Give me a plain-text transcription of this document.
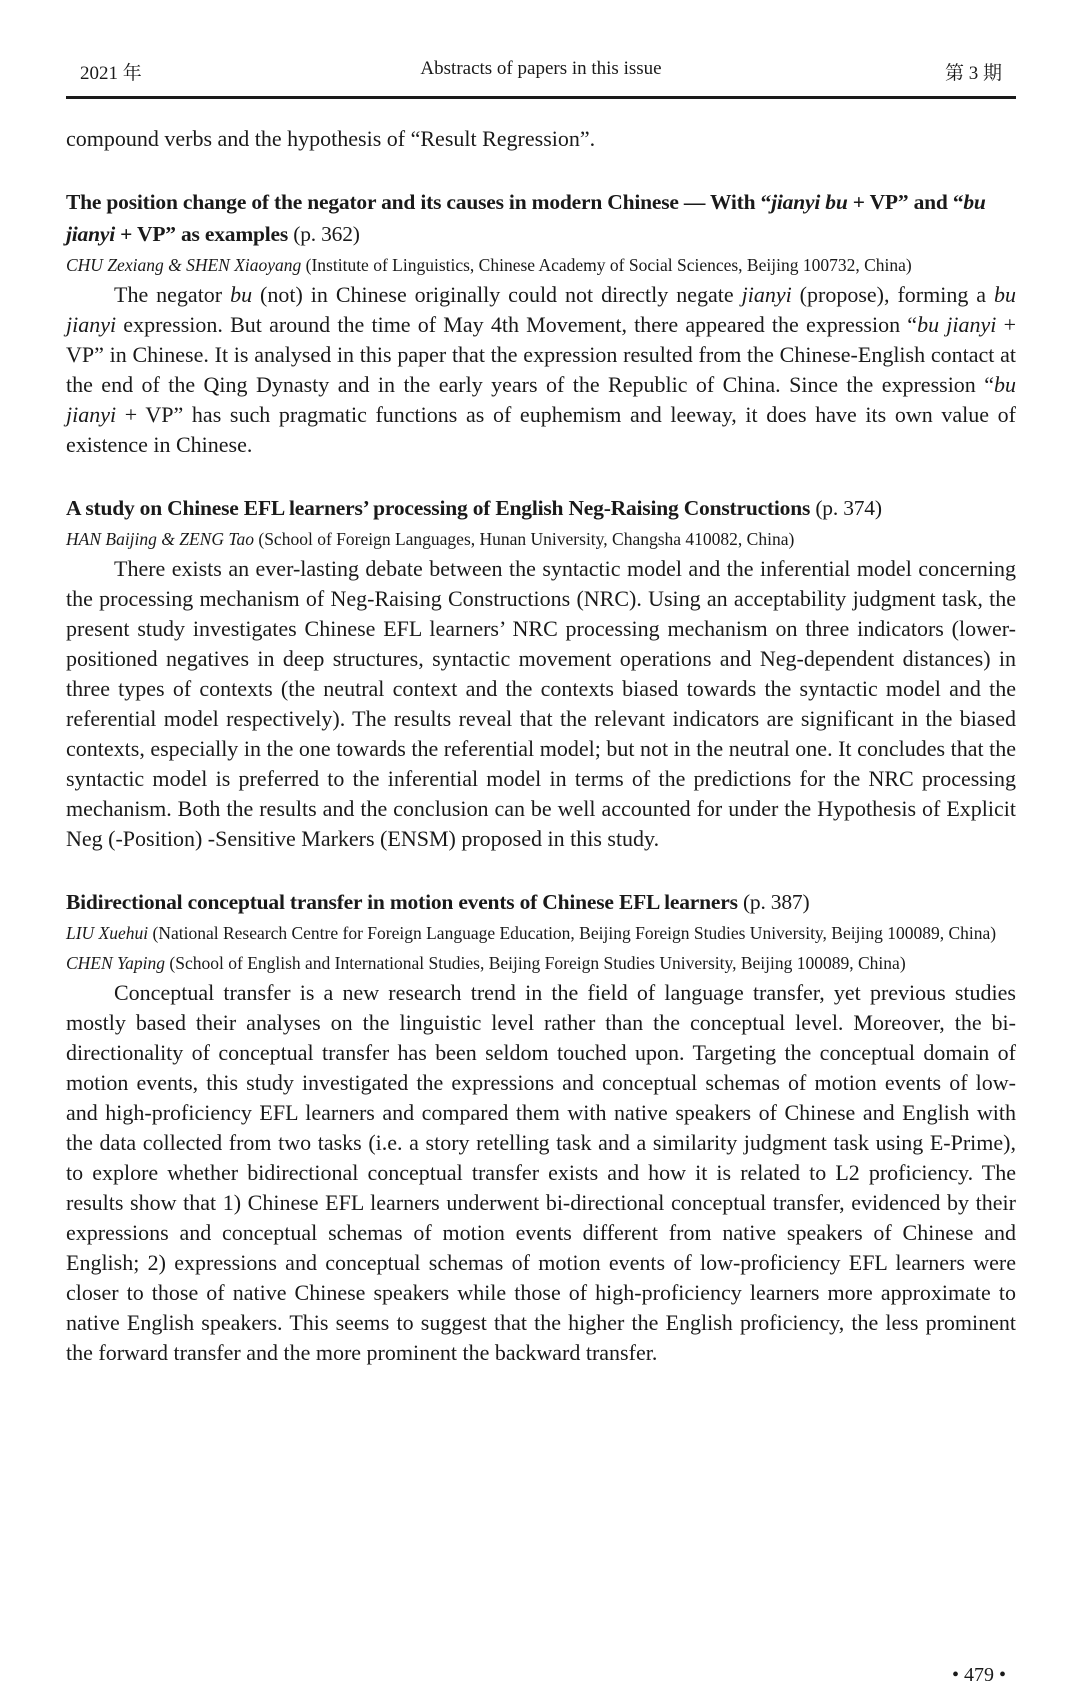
2021 年	Abstracts of papers in this issue	第 3 期

compound verbs and the hypothesis of “Result Regression”.

The position change of the negator and its causes in modern Chinese — With “jianyi bu + VP” and “bu jianyi + VP” as examples (p. 362)

CHU Zexiang & SHEN Xiaoyang (Institute of Linguistics, Chinese Academy of Social Sciences, Beijing 100732, China)

The negator bu (not) in Chinese originally could not directly negate jianyi (propose), forming a bu jianyi expression. But around the time of May 4th Movement, there appeared the expression “bu jianyi + VP” in Chinese. It is analysed in this paper that the expression resulted from the Chinese-English contact at the end of the Qing Dynasty and in the early years of the Republic of China. Since the expression “bu jianyi + VP” has such pragmatic functions as of euphemism and leeway, it does have its own value of existence in Chinese.

A study on Chinese EFL learners’ processing of English Neg-Raising Constructions (p. 374)

HAN Baijing & ZENG Tao (School of Foreign Languages, Hunan University, Changsha 410082, China)

There exists an ever-lasting debate between the syntactic model and the inferential model concerning the processing mechanism of Neg-Raising Constructions (NRC). Using an acceptability judgment task, the present study investigates Chinese EFL learners’ NRC processing mechanism on three indicators (lower-positioned negatives in deep structures, syntactic movement operations and Neg-dependent distances) in three types of contexts (the neutral context and the contexts biased towards the syntactic model and the referential model respectively). The results reveal that the relevant indicators are significant in the biased contexts, especially in the one towards the referential model; but not in the neutral one. It concludes that the syntactic model is preferred to the inferential model in terms of the predictions for the NRC processing mechanism. Both the results and the conclusion can be well accounted for under the Hypothesis of Explicit Neg (-Position) -Sensitive Markers (ENSM) proposed in this study.

Bidirectional conceptual transfer in motion events of Chinese EFL learners (p. 387)

LIU Xuehui (National Research Centre for Foreign Language Education, Beijing Foreign Studies University, Beijing 100089, China)

CHEN Yaping (School of English and International Studies, Beijing Foreign Studies University, Beijing 100089, China)

Conceptual transfer is a new research trend in the field of language transfer, yet previous studies mostly based their analyses on the linguistic level rather than the conceptual level. Moreover, the bi-directionality of conceptual transfer has been seldom touched upon. Targeting the conceptual domain of motion events, this study investigated the expressions and conceptual schemas of motion events of low- and high-proficiency EFL learners and compared them with native speakers of Chinese and English with the data collected from two tasks (i.e. a story retelling task and a similarity judgment task using E-Prime), to explore whether bidirectional conceptual transfer exists and how it is related to L2 proficiency. The results show that 1) Chinese EFL learners underwent bi-directional conceptual transfer, evidenced by their expressions and conceptual schemas of motion events different from native speakers of Chinese and English; 2) expressions and conceptual schemas of motion events of low-proficiency EFL learners were closer to those of native Chinese speakers while those of high-proficiency learners more approximate to native English speakers. This seems to suggest that the higher the English proficiency, the less prominent the forward transfer and the more prominent the backward transfer.

• 479 •
